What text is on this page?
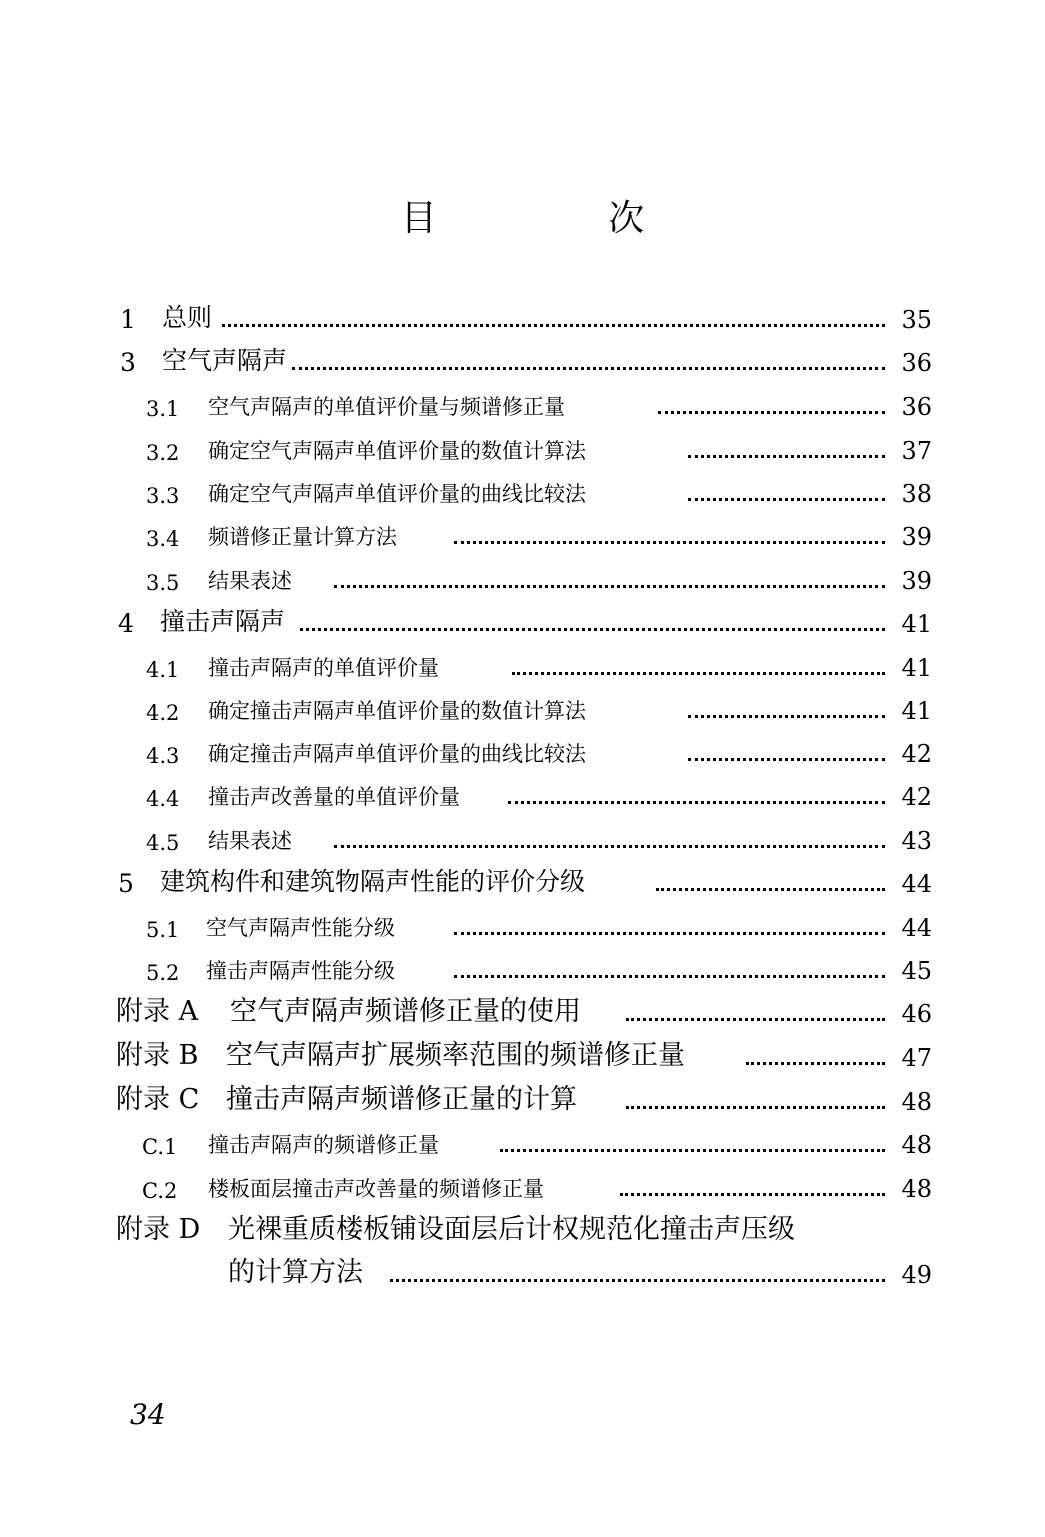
目 次
1 总则	35
3 空气声隔声	36
3.1 空气声隔声的单值评价量与频谱修正量	36
3.2 确定空气声隔声单值评价量的数值计算法	37
3.3 确定空气声隔声单值评价量的曲线比较法	38
3.4 频谱修正量计算方法	39
3.5 结果表述	39
4 撞击声隔声	41
4.1 撞击声隔声的单值评价量	41
4.2 确定撞击声隔声单值评价量的数值计算法	41
4.3 确定撞击声隔声单值评价量的曲线比较法	42
4.4 撞击声改善量的单值评价量	42
4.5 结果表述	43
5 建筑构件和建筑物隔声性能的评价分级	44
5.1 空气声隔声性能分级	44
5.2 撞击声隔声性能分级	45
附录 A 空气声隔声频谱修正量的使用	46
附录 B 空气声隔声扩展频率范围的频谱修正量	47
附录 C 撞击声隔声频谱修正量的计算	48
C.1 撞击声隔声的频谱修正量	48
C.2 楼板面层撞击声改善量的频谱修正量	48
附录 D 光裸重质楼板铺设面层后计权规范化撞击声压级
的计算方法	49
34
